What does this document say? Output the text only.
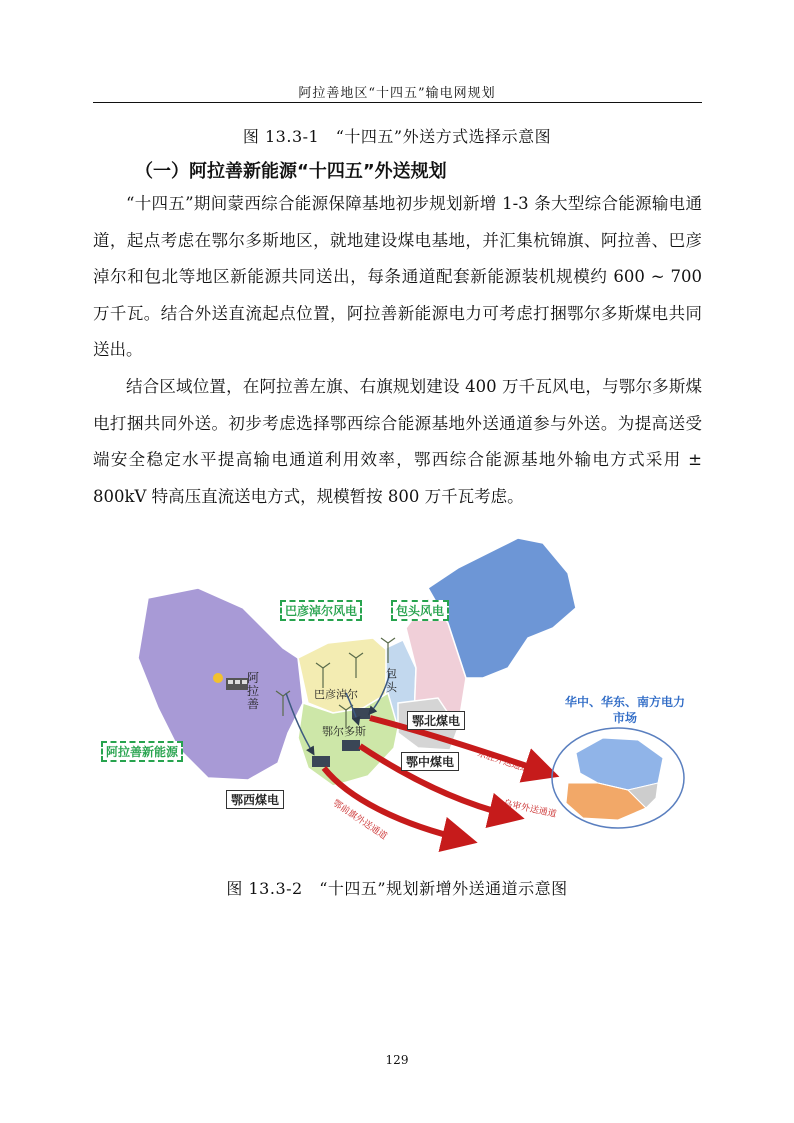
阿拉善地区“十四五”输电网规划
图 13.3-1　“十四五”外送方式选择示意图
（一）阿拉善新能源“十四五”外送规划

“十四五”期间蒙西综合能源保障基地初步规划新增 1-3 条大型综合能源输电通道，起点考虑在鄂尔多斯地区，就地建设煤电基地，并汇集杭锦旗、阿拉善、巴彦淖尔和包北等地区新能源共同送出，每条通道配套新能源装机规模约 600 ~ 700 万千瓦。结合外送直流起点位置，阿拉善新能源电力可考虑打捆鄂尔多斯煤电共同送出。

结合区域位置，在阿拉善左旗、右旗规划建设 400 万千瓦风电，与鄂尔多斯煤电打捆共同外送。初步考虑选择鄂西综合能源基地外送通道参与外送。为提高送受端安全稳定水平提高输电通道利用效率，鄂西综合能源基地外输电方式采用 ± 800kV 特高压直流送电方式，规模暂按 800 万千瓦考虑。

巴彦淖尔风电	包头风电
阿拉善
巴彦淖尔
包头
鄂尔多斯
阿拉善新能源
鄂北煤电
鄂中煤电
鄂西煤电
华中、华东、南方电力市场
东胜外送通道
乌审外送通道
鄂前旗外送通道
图 13.3-2　“十四五”规划新增外送通道示意图
129
